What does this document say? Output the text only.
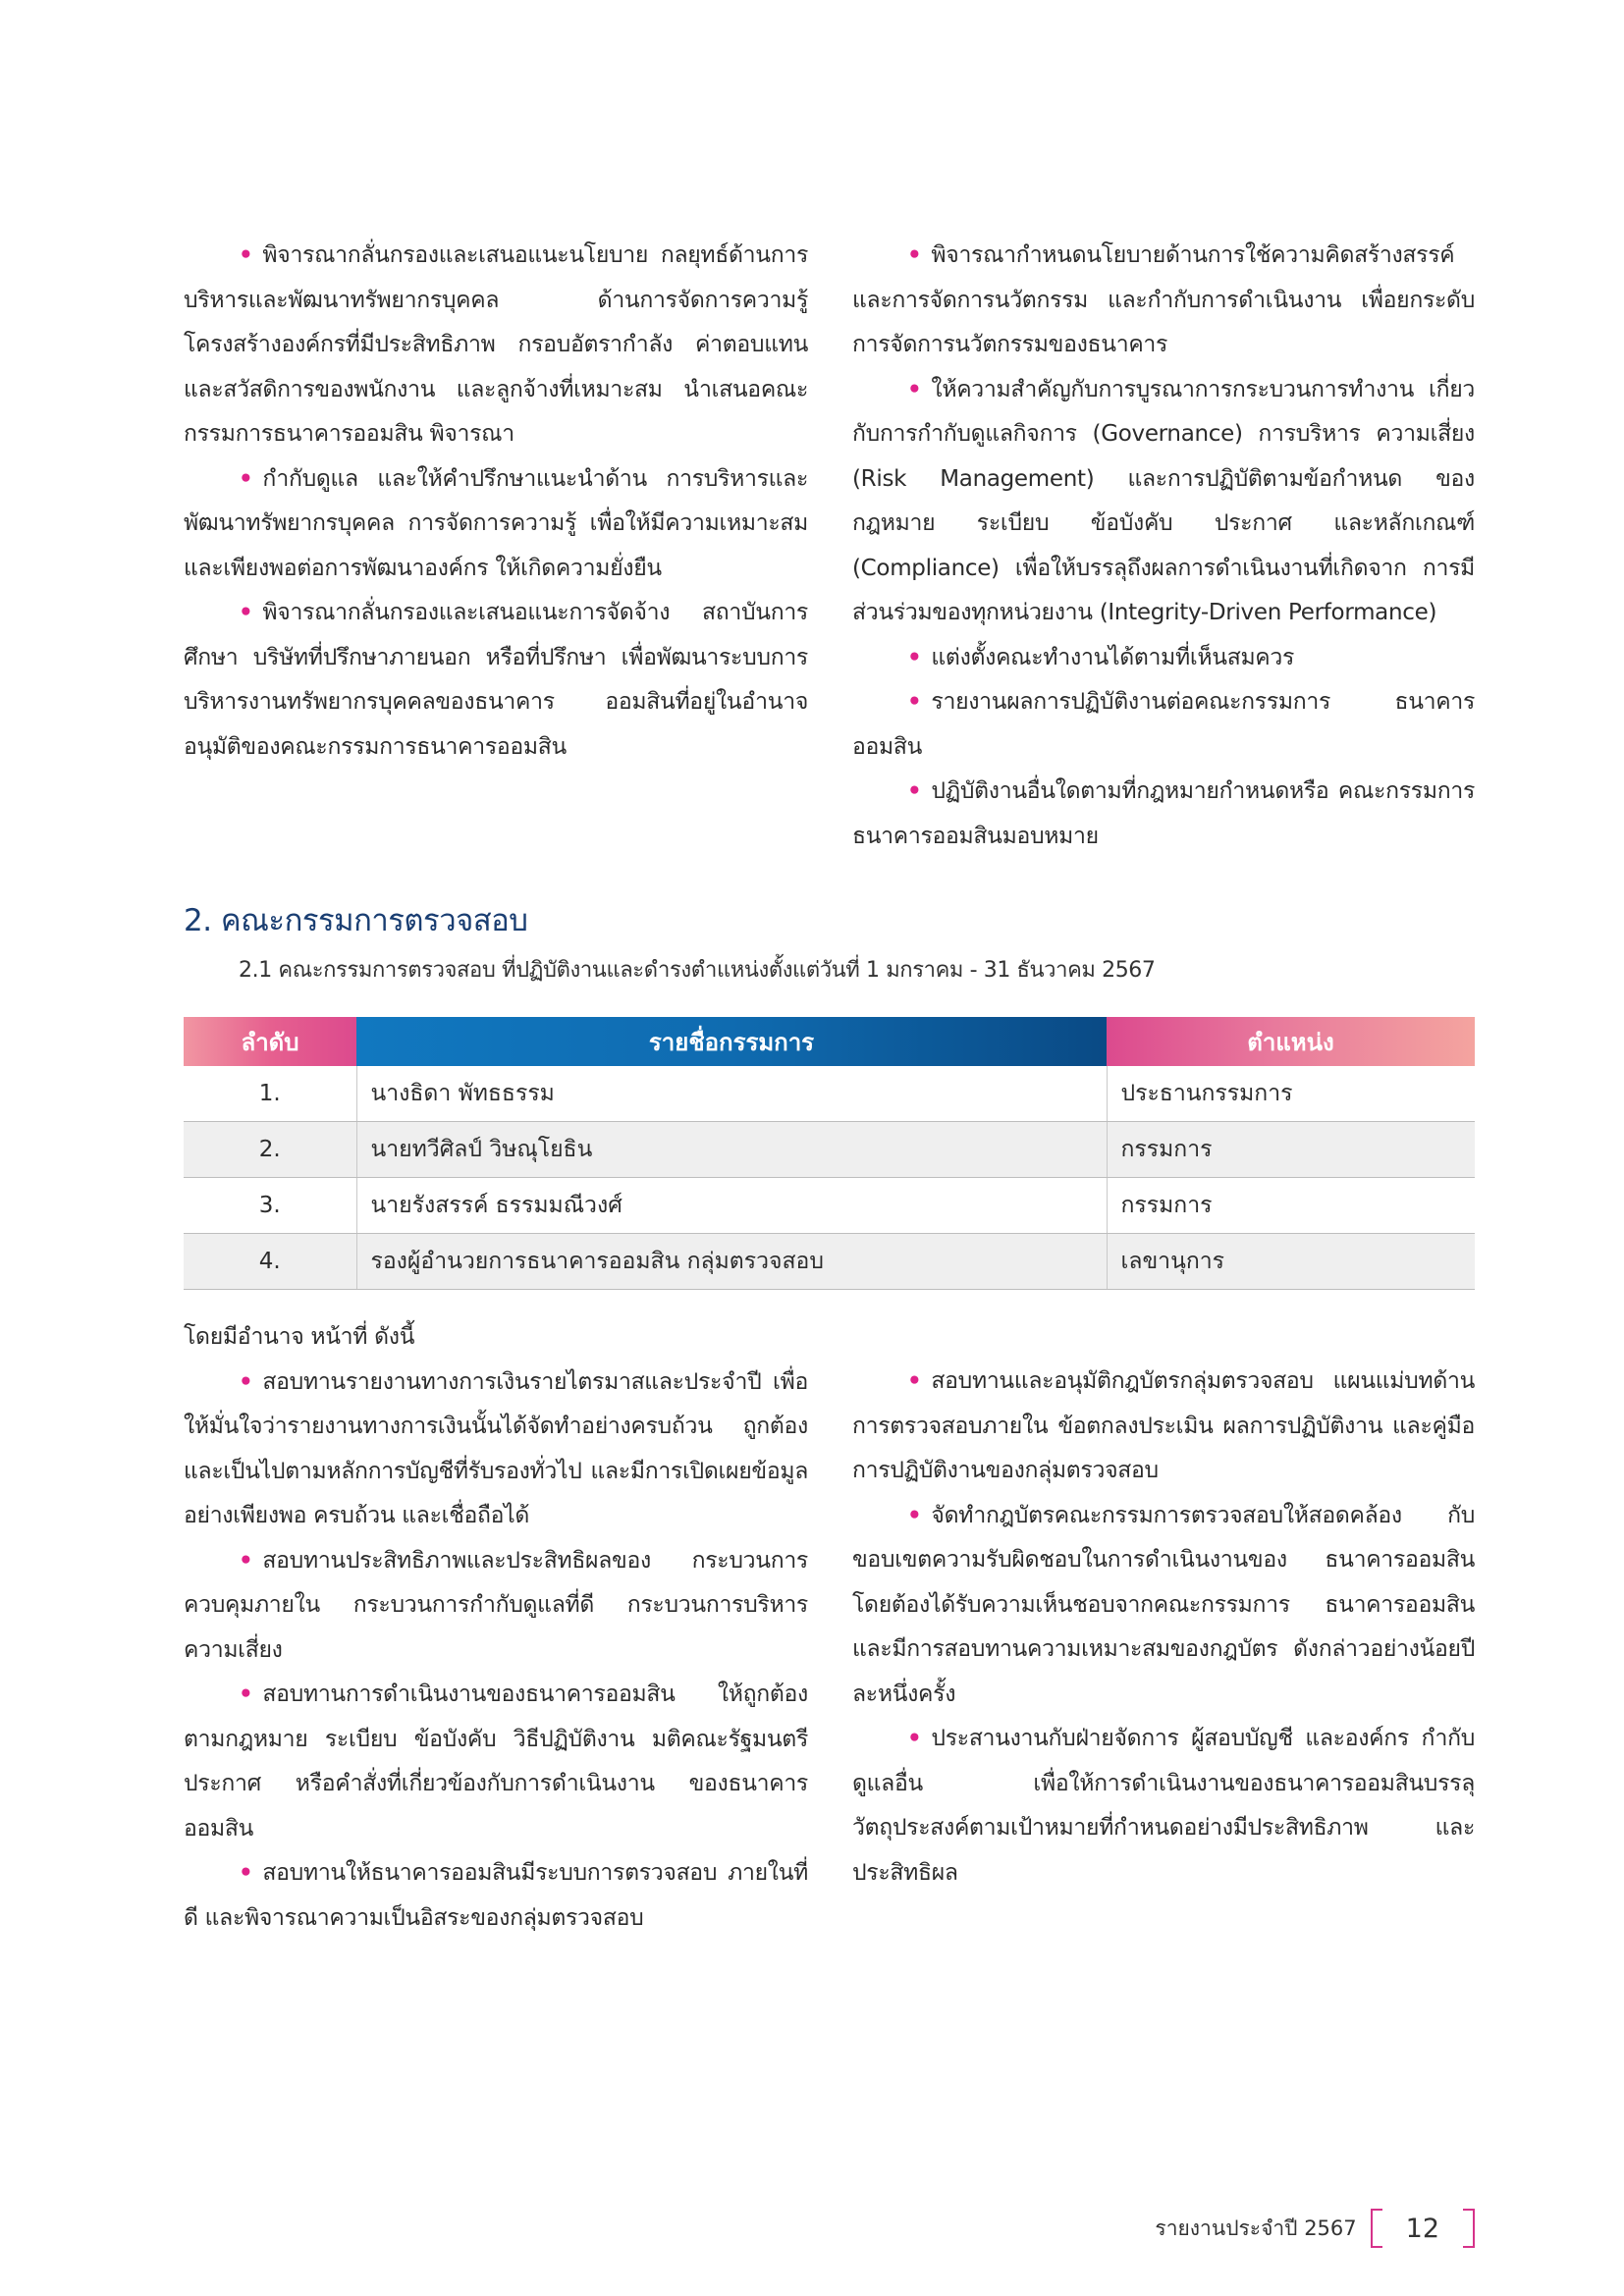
• พิจารณากลั่นกรองและเสนอแนะนโยบาย กลยุทธ์ด้านการบริหารและพัฒนาทรัพยากรบุคคล ด้านการจัดการความรู้ โครงสร้างองค์กรที่มีประสิทธิภาพ กรอบอัตรากำลัง ค่าตอบแทน และสวัสดิการของพนักงาน และลูกจ้างที่เหมาะสม นำเสนอคณะกรรมการธนาคารออมสิน พิจารณา

• กำกับดูแล และให้คำปรึกษาแนะนำด้าน การบริหารและพัฒนาทรัพยากรบุคคล การจัดการความรู้ เพื่อให้มีความเหมาะสมและเพียงพอต่อการพัฒนาองค์กร ให้เกิดความยั่งยืน

• พิจารณากลั่นกรองและเสนอแนะการจัดจ้าง สถาบันการศึกษา บริษัทที่ปรึกษาภายนอก หรือที่ปรึกษา เพื่อพัฒนาระบบการบริหารงานทรัพยากรบุคคลของธนาคาร ออมสินที่อยู่ในอำนาจอนุมัติของคณะกรรมการธนาคารออมสิน

• พิจารณากำหนดนโยบายด้านการใช้ความคิดสร้างสรรค์ และการจัดการนวัตกรรม และกำกับการดำเนินงาน เพื่อยกระดับการจัดการนวัตกรรมของธนาคาร

• ให้ความสำคัญกับการบูรณาการกระบวนการทำงาน เกี่ยวกับการกำกับดูแลกิจการ (Governance) การบริหาร ความเสี่ยง (Risk Management) และการปฏิบัติตามข้อกำหนด ของกฎหมาย ระเบียบ ข้อบังคับ ประกาศ และหลักเกณฑ์ (Compliance) เพื่อให้บรรลุถึงผลการดำเนินงานที่เกิดจาก การมีส่วนร่วมของทุกหน่วยงาน (Integrity-Driven Performance)

• แต่งตั้งคณะทำงานได้ตามที่เห็นสมควร

• รายงานผลการปฏิบัติงานต่อคณะกรรมการ ธนาคารออมสิน

• ปฏิบัติงานอื่นใดตามที่กฎหมายกำหนดหรือ คณะกรรมการธนาคารออมสินมอบหมาย

2. คณะกรรมการตรวจสอบ
2.1 คณะกรรมการตรวจสอบ ที่ปฏิบัติงานและดำรงตำแหน่งตั้งแต่วันที่ 1 มกราคม - 31 ธันวาคม 2567
ลำดับ	รายชื่อกรรมการ	ตำแหน่ง
1.	นางธิดา พัทธธรรม	ประธานกรรมการ
2.	นายทวีศิลป์ วิษณุโยธิน	กรรมการ
3.	นายรังสรรค์ ธรรมมณีวงศ์	กรรมการ
4.	รองผู้อำนวยการธนาคารออมสิน กลุ่มตรวจสอบ	เลขานุการ

โดยมีอำนาจ หน้าที่ ดังนี้

• สอบทานรายงานทางการเงินรายไตรมาสและประจำปี เพื่อให้มั่นใจว่ารายงานทางการเงินนั้นได้จัดทำอย่างครบถ้วน ถูกต้อง และเป็นไปตามหลักการบัญชีที่รับรองทั่วไป และมีการเปิดเผยข้อมูลอย่างเพียงพอ ครบถ้วน และเชื่อถือได้

• สอบทานประสิทธิภาพและประสิทธิผลของ กระบวนการควบคุมภายใน กระบวนการกำกับดูแลที่ดี กระบวนการบริหารความเสี่ยง

• สอบทานการดำเนินงานของธนาคารออมสิน ให้ถูกต้องตามกฎหมาย ระเบียบ ข้อบังคับ วิธีปฏิบัติงาน มติคณะรัฐมนตรี ประกาศ หรือคำสั่งที่เกี่ยวข้องกับการดำเนินงาน ของธนาคารออมสิน

• สอบทานให้ธนาคารออมสินมีระบบการตรวจสอบ ภายในที่ดี และพิจารณาความเป็นอิสระของกลุ่มตรวจสอบ

• สอบทานและอนุมัติกฎบัตรกลุ่มตรวจสอบ แผนแม่บทด้านการตรวจสอบภายใน ข้อตกลงประเมิน ผลการปฏิบัติงาน และคู่มือการปฏิบัติงานของกลุ่มตรวจสอบ

• จัดทำกฎบัตรคณะกรรมการตรวจสอบให้สอดคล้อง กับขอบเขตความรับผิดชอบในการดำเนินงานของ ธนาคารออมสิน โดยต้องได้รับความเห็นชอบจากคณะกรรมการ ธนาคารออมสิน และมีการสอบทานความเหมาะสมของกฎบัตร ดังกล่าวอย่างน้อยปีละหนึ่งครั้ง

• ประสานงานกับฝ่ายจัดการ ผู้สอบบัญชี และองค์กร กำกับดูแลอื่น เพื่อให้การดำเนินงานของธนาคารออมสินบรรลุ วัตถุประสงค์ตามเป้าหมายที่กำหนดอย่างมีประสิทธิภาพ และประสิทธิผล

รายงานประจำปี 2567	12
